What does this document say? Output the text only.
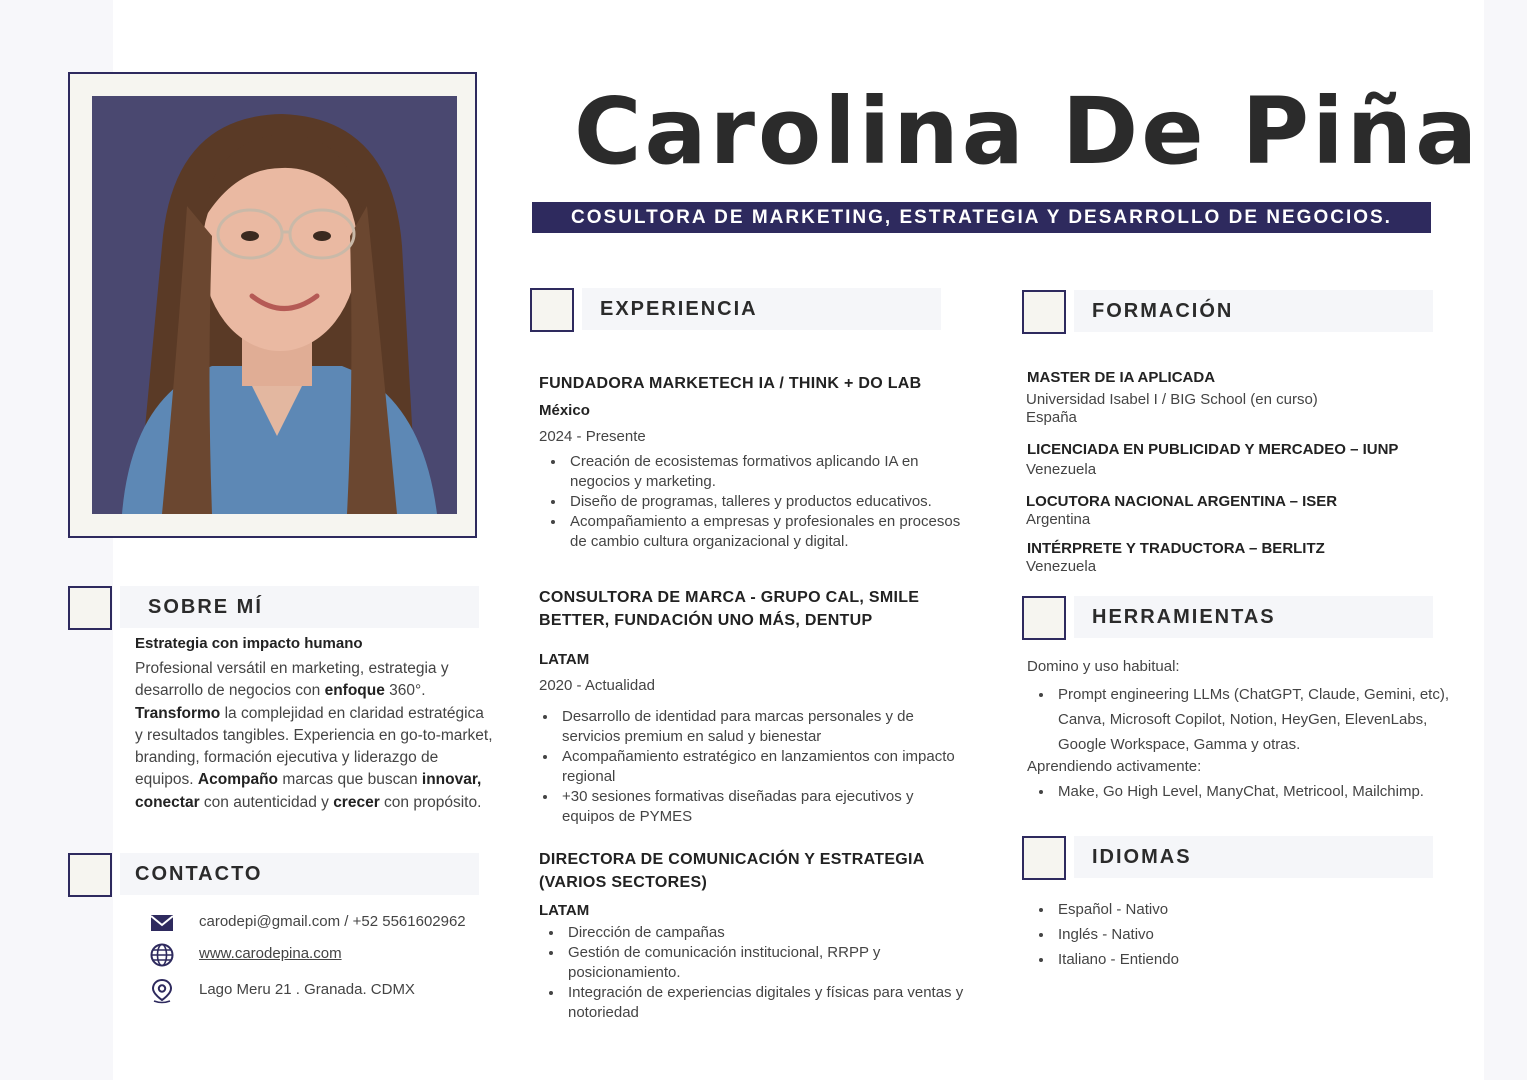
Carolina De Piña
COSULTORA DE MARKETING, ESTRATEGIA Y DESARROLLO DE NEGOCIOS.
SOBRE MÍ
Estrategia con impacto humano
Profesional versátil en marketing, estrategia y desarrollo de negocios con enfoque 360°. Transformo la complejidad en claridad estratégica y resultados tangibles. Experiencia en go-to-market, branding, formación ejecutiva y liderazgo de equipos. Acompaño marcas que buscan innovar, conectar con autenticidad y crecer con propósito.
CONTACTO
carodepi@gmail.com / +52 5561602962
www.carodepina.com
Lago Meru 21 . Granada. CDMX
EXPERIENCIA
FUNDADORA MARKETECH IA / THINK + DO LAB
México
2024 - Presente
• Creación de ecosistemas formativos aplicando IA en negocios y marketing.
• Diseño de programas, talleres y productos educativos.
• Acompañamiento a empresas y profesionales en procesos de cambio cultura organizacional y digital.
CONSULTORA DE MARCA - GRUPO CAL, SMILE BETTER, FUNDACIÓN UNO MÁS, DENTUP
LATAM
2020 - Actualidad
• Desarrollo de identidad para marcas personales y de servicios premium en salud y bienestar
• Acompañamiento estratégico en lanzamientos con impacto regional
• +30 sesiones formativas diseñadas para ejecutivos y equipos de PYMES
DIRECTORA DE COMUNICACIÓN Y ESTRATEGIA (VARIOS SECTORES)
LATAM
• Dirección de campañas
• Gestión de comunicación institucional, RRPP y posicionamiento.
• Integración de experiencias digitales y físicas para ventas y notoriedad
FORMACIÓN
MASTER DE IA APLICADA
Universidad Isabel I / BIG School (en curso)
España
LICENCIADA EN PUBLICIDAD Y MERCADEO – IUNP
Venezuela
LOCUTORA NACIONAL ARGENTINA – ISER
Argentina
INTÉRPRETE Y TRADUCTORA – BERLITZ
Venezuela
HERRAMIENTAS
Domino y uso habitual:
• Prompt engineering LLMs (ChatGPT, Claude, Gemini, etc), Canva, Microsoft Copilot, Notion, HeyGen, ElevenLabs, Google Workspace, Gamma y otras.
Aprendiendo activamente:
• Make, Go High Level, ManyChat, Metricool, Mailchimp.
IDIOMAS
• Español - Nativo
• Inglés - Nativo
• Italiano - Entiendo
